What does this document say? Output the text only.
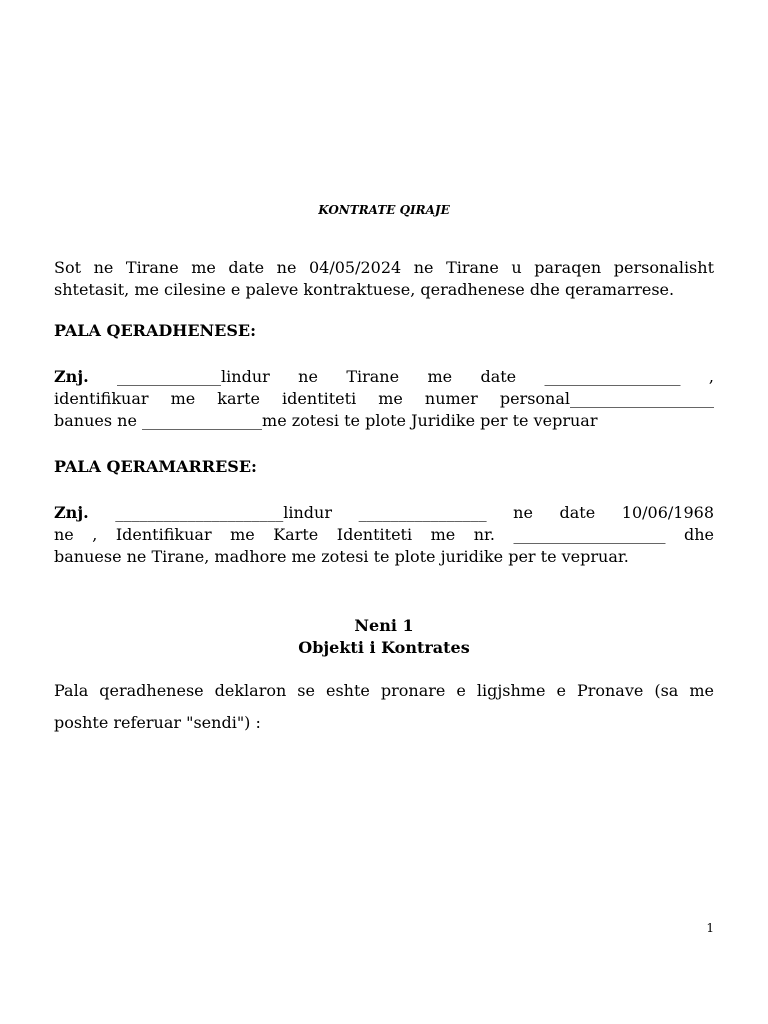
KONTRATE QIRAJE
Sot ne Tirane me date ne 04/05/2024 ne Tirane u paraqen personalisht
shtetasit, me cilesine e paleve kontraktuese, qeradhenese dhe qeramarrese.
PALA QERADHENESE:
Znj. _____________lindur ne Tirane me date _________________ ,
identifikuar me karte identiteti me numer personal__________________
banues ne _______________me zotesi te plote Juridike per te vepruar
PALA QERAMARRESE:
Znj. _____________________lindur ________________ ne date 10/06/1968
ne , Identifikuar me Karte Identiteti me nr. ___________________ dhe
banuese ne Tirane, madhore me zotesi te plote juridike per te vepruar.
Neni 1
Objekti i Kontrates
Pala qeradhenese deklaron se eshte pronare e ligjshme e Pronave (sa me
poshte referuar "sendi") :
1
